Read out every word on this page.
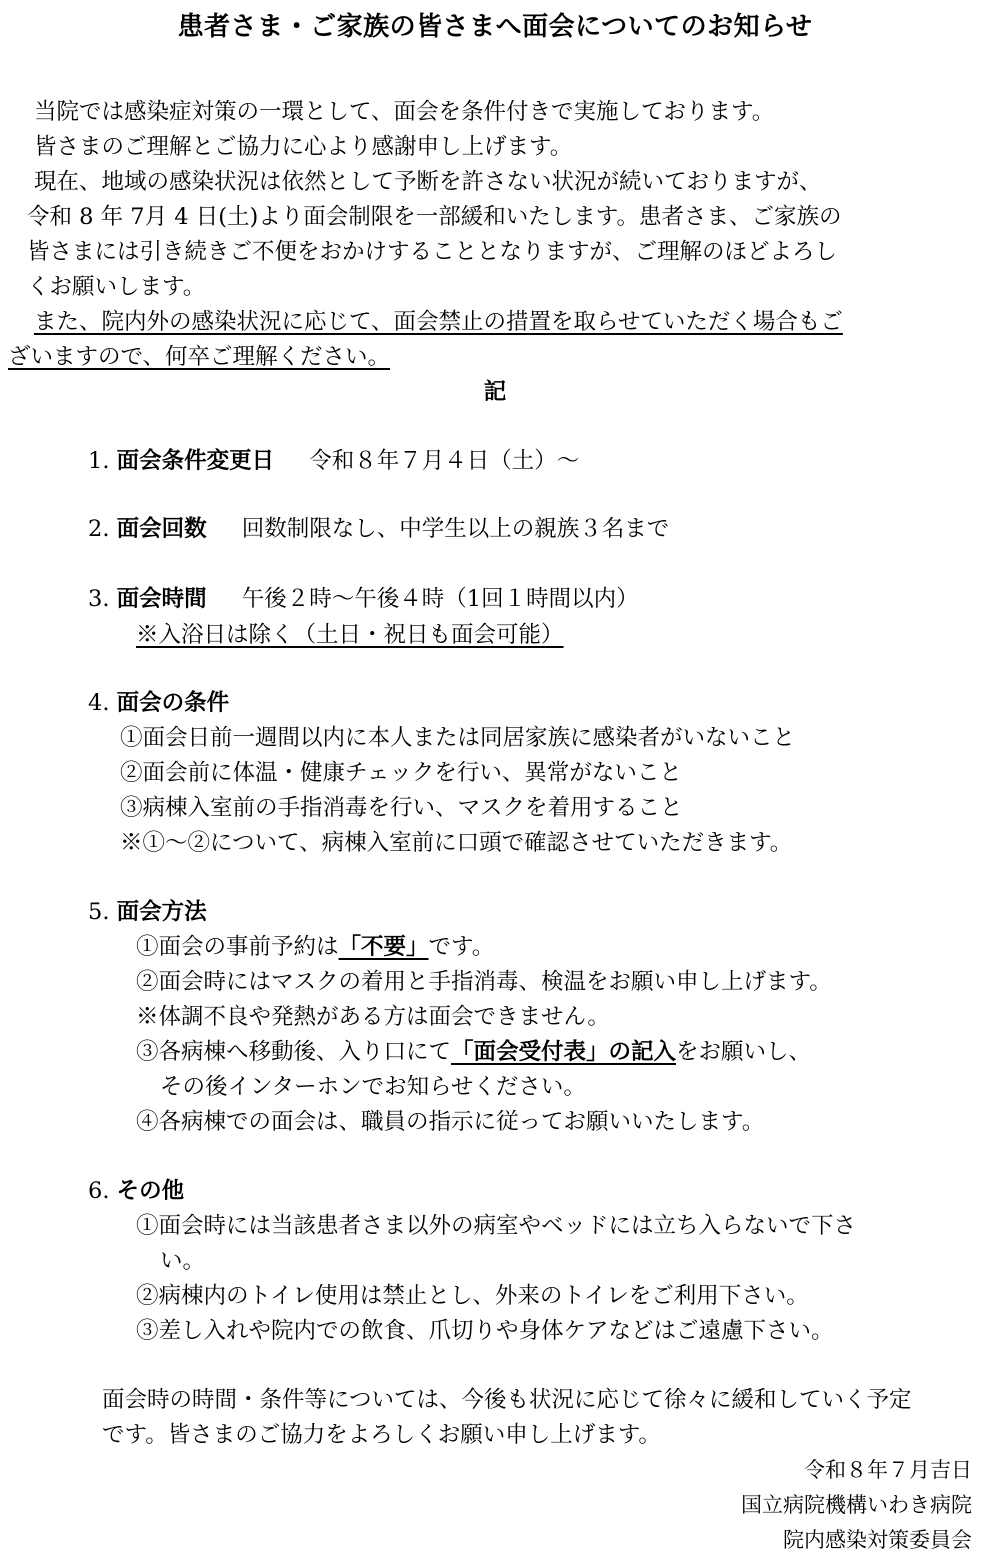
患者さま・ご家族の皆さまへ面会についてのお知らせ
当院では感染症対策の一環として、面会を条件付きで実施しております。
皆さまのご理解とご協力に心より感謝申し上げます。
現在、地域の感染状況は依然として予断を許さない状況が続いておりますが、
令和 8 年 7月 4 日(土)より面会制限を一部緩和いたします。患者さま、ご家族の
皆さまには引き続きご不便をおかけすることとなりますが、ご理解のほどよろし
くお願いします。
また、院内外の感染状況に応じて、面会禁止の措置を取らせていただく場合もご
ざいますので、何卒ご理解ください。
記
1. 面会条件変更日 令和８年７月４日（土）～
2. 面会回数 回数制限なし、中学生以上の親族３名まで
3. 面会時間 午後２時～午後４時（1回１時間以内）
※入浴日は除く（土日・祝日も面会可能）
4. 面会の条件
①面会日前一週間以内に本人または同居家族に感染者がいないこと
②面会前に体温・健康チェックを行い、異常がないこと
③病棟入室前の手指消毒を行い、マスクを着用すること
※①～②について、病棟入室前に口頭で確認させていただきます。
5. 面会方法
①面会の事前予約は「不要」です。
②面会時にはマスクの着用と手指消毒、検温をお願い申し上げます。
※体調不良や発熱がある方は面会できません。
③各病棟へ移動後、入り口にて「面会受付表」の記入をお願いし、
その後インターホンでお知らせください。
④各病棟での面会は、職員の指示に従ってお願いいたします。
6. その他
①面会時には当該患者さま以外の病室やベッドには立ち入らないで下さ
い。
②病棟内のトイレ使用は禁止とし、外来のトイレをご利用下さい。
③差し入れや院内での飲食、爪切りや身体ケアなどはご遠慮下さい。
面会時の時間・条件等については、今後も状況に応じて徐々に緩和していく予定
です。皆さまのご協力をよろしくお願い申し上げます。
令和８年７月吉日
国立病院機構いわき病院
院内感染対策委員会
